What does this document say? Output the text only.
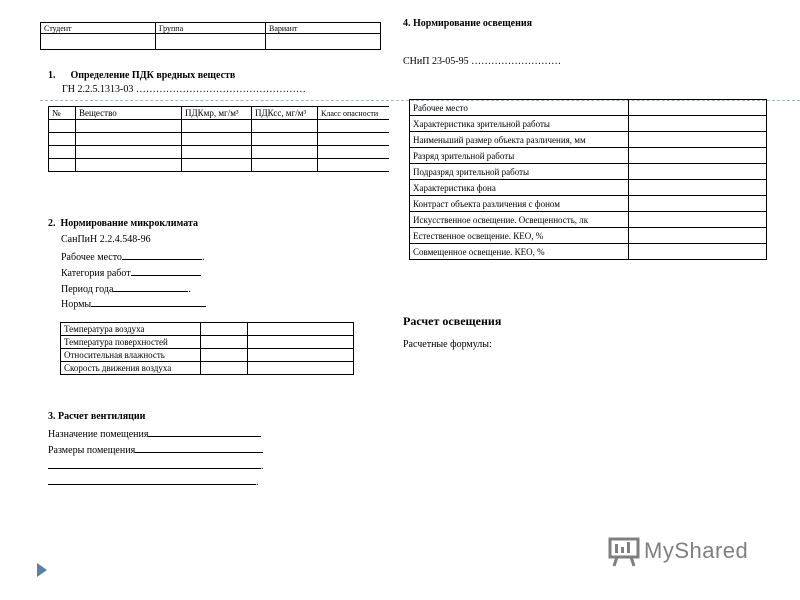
Студент	Группа	Вариант

1.      Определение ПДК вредных веществ
ГН 2.2.5.1313-03 ……………………………………………
№	Вещество	ПДКмр, мг/м³	ПДКсс, мг/м³	Класс опасности

2.  Нормирование микроклимата
СанПиН 2.2.4.548-96
Рабочее место	.
Категория работ
Период года	.
Нормы
Температура воздуха		
Температура поверхностей		
Относительная влажность		
Скорость движения воздуха		
3. Расчет вентиляции
Назначение помещения
Размеры помещения
.
.
4. Нормирование освещения
СНиП 23-05-95 ………………………
Рабочее место	
Характеристика зрительной работы	
Наименьший размер объекта различения, мм	
Разряд зрительной работы	
Подразряд зрительной работы	
Характеристика фона	
Контраст объекта различения с фоном	
Искусственное освещение. Освещенность, лк	
Естественное освещение. КЕО, %	
Совмещенное освещение. КЕО, %	
Расчет освещения
Расчетные формулы:
MyShared
